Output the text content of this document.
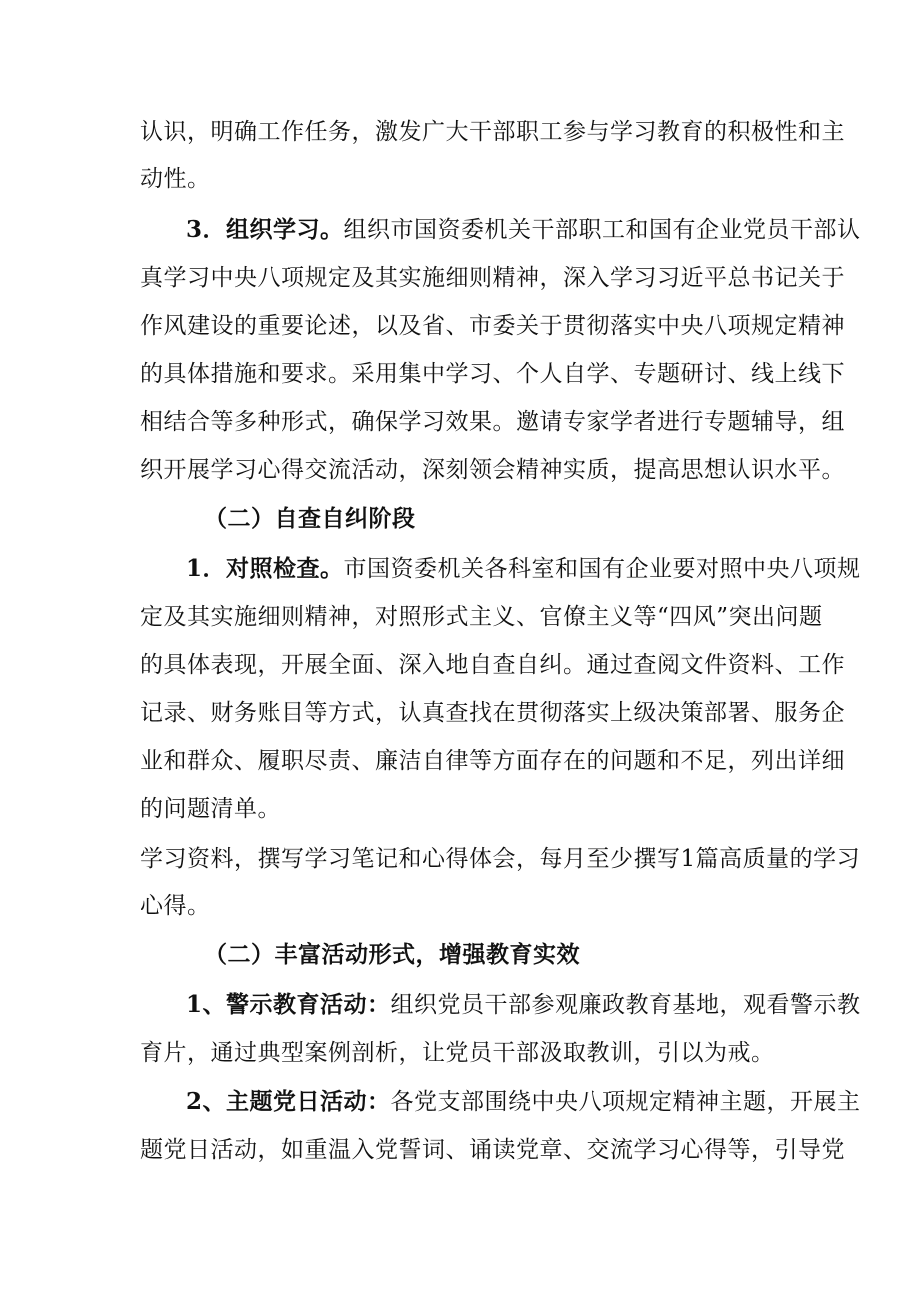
认识，明确工作任务，激发广大干部职工参与学习教育的积极性和主
动性。
3．组织学习。组织市国资委机关干部职工和国有企业党员干部认
真学习中央八项规定及其实施细则精神，深入学习习近平总书记关于
作风建设的重要论述，以及省、市委关于贯彻落实中央八项规定精神
的具体措施和要求。采用集中学习、个人自学、专题研讨、线上线下
相结合等多种形式，确保学习效果。邀请专家学者进行专题辅导，组
织开展学习心得交流活动，深刻领会精神实质，提高思想认识水平。
（二）自查自纠阶段
1．对照检查。市国资委机关各科室和国有企业要对照中央八项规
定及其实施细则精神，对照形式主义、官僚主义等“四风”突出问题
的具体表现，开展全面、深入地自查自纠。通过查阅文件资料、工作
记录、财务账目等方式，认真查找在贯彻落实上级决策部署、服务企
业和群众、履职尽责、廉洁自律等方面存在的问题和不足，列出详细
的问题清单。
学习资料，撰写学习笔记和心得体会，每月至少撰写1篇高质量的学习
心得。
（二）丰富活动形式，增强教育实效
1、警示教育活动：组织党员干部参观廉政教育基地，观看警示教
育片，通过典型案例剖析，让党员干部汲取教训，引以为戒。
2、主题党日活动：各党支部围绕中央八项规定精神主题，开展主
题党日活动，如重温入党誓词、诵读党章、交流学习心得等，引导党
